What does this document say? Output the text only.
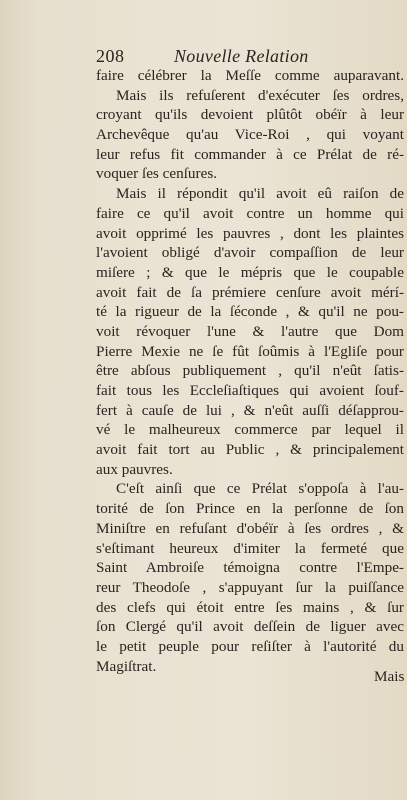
208	Nouvelle Relation
faire célébrer la Meſſe comme auparavant.
Mais ils refuſerent d'exécuter ſes ordres,
croyant qu'ils devoient plûtôt obéïr à leur
Archevêque qu'au Vice-Roi , qui voyant
leur refus fit commander à ce Prélat de ré-
voquer ſes cenſures.
Mais il répondit qu'il avoit eû raiſon de
faire ce qu'il avoit contre un homme qui
avoit opprimé les pauvres , dont les plaintes
l'avoient obligé d'avoir compaſſion de leur
miſere ; & que le mépris que le coupable
avoit fait de ſa prémiere cenſure avoit mérí-
té la rigueur de la ſéconde , & qu'il ne pou-
voit révoquer l'une & l'autre que Dom
Pierre Mexie ne ſe fût ſoûmis à l'Egliſe pour
être abſous publiquement , qu'il n'eût ſatis-
fait tous les Eccleſiaſtiques qui avoient ſouf-
fert à cauſe de lui , & n'eût auſſi déſapprou-
vé le malheureux commerce par lequel il
avoit fait tort au Public , & principalement
aux pauvres.
C'eſt ainſi que ce Prélat s'oppoſa à l'au-
torité de ſon Prince en la perſonne de ſon
Miniſtre en refuſant d'obéïr à ſes ordres , &
s'eſtimant heureux d'imiter la fermeté que
Saint Ambroiſe témoigna contre l'Empe-
reur Theodoſe , s'appuyant ſur la puiſſance
des clefs qui étoit entre ſes mains , & ſur
ſon Clergé qu'il avoit deſſein de liguer avec
le petit peuple pour reſiſter à l'autorité du
Magiſtrat.
Mais
